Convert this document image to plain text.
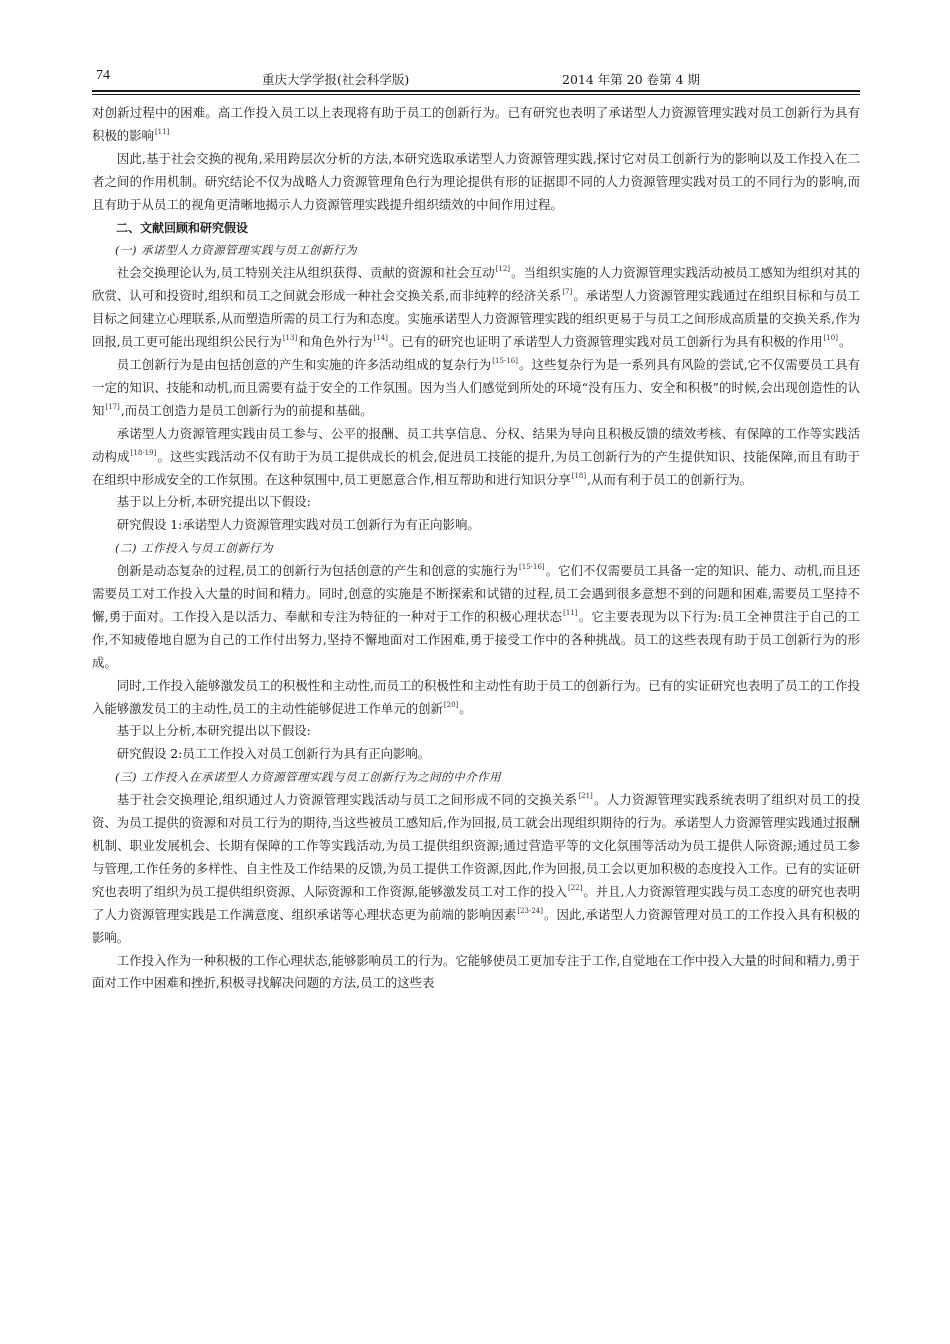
74	重庆大学学报(社会科学版)	2014 年第 20 卷第 4 期

对创新过程中的困难。高工作投入员工以上表现将有助于员工的创新行为。已有研究也表明了承诺型人力资源管理实践对员工创新行为具有积极的影响[11]

因此,基于社会交换的视角,采用跨层次分析的方法,本研究选取承诺型人力资源管理实践,探讨它对员工创新行为的影响以及工作投入在二者之间的作用机制。研究结论不仅为战略人力资源管理角色行为理论提供有形的证据即不同的人力资源管理实践对员工的不同行为的影响,而且有助于从员工的视角更清晰地揭示人力资源管理实践提升组织绩效的中间作用过程。

二、文献回顾和研究假设

(一) 承诺型人力资源管理实践与员工创新行为

社会交换理论认为,员工特别关注从组织获得、贡献的资源和社会互动[12]。当组织实施的人力资源管理实践活动被员工感知为组织对其的欣赏、认可和投资时,组织和员工之间就会形成一种社会交换关系,而非纯粹的经济关系[7]。承诺型人力资源管理实践通过在组织目标和与员工目标之间建立心理联系,从而塑造所需的员工行为和态度。实施承诺型人力资源管理实践的组织更易于与员工之间形成高质量的交换关系,作为回报,员工更可能出现组织公民行为[13]和角色外行为[14]。已有的研究也证明了承诺型人力资源管理实践对员工创新行为具有积极的作用[10]。

员工创新行为是由包括创意的产生和实施的许多活动组成的复杂行为[15-16]。这些复杂行为是一系列具有风险的尝试,它不仅需要员工具有一定的知识、技能和动机,而且需要有益于安全的工作氛围。因为当人们感觉到所处的环境“没有压力、安全和积极”的时候,会出现创造性的认知[17],而员工创造力是员工创新行为的前提和基础。

承诺型人力资源管理实践由员工参与、公平的报酬、员工共享信息、分权、结果为导向且积极反馈的绩效考核、有保障的工作等实践活动构成[18-19]。这些实践活动不仅有助于为员工提供成长的机会,促进员工技能的提升,为员工创新行为的产生提供知识、技能保障,而且有助于在组织中形成安全的工作氛围。在这种氛围中,员工更愿意合作,相互帮助和进行知识分享[18],从而有利于员工的创新行为。

基于以上分析,本研究提出以下假设:

研究假设 1:承诺型人力资源管理实践对员工创新行为有正向影响。

(二) 工作投入与员工创新行为

创新是动态复杂的过程,员工的创新行为包括创意的产生和创意的实施行为[15-16]。它们不仅需要员工具备一定的知识、能力、动机,而且还需要员工对工作投入大量的时间和精力。同时,创意的实施是不断探索和试错的过程,员工会遇到很多意想不到的问题和困难,需要员工坚持不懈,勇于面对。工作投入是以活力、奉献和专注为特征的一种对于工作的积极心理状态[11]。它主要表现为以下行为:员工全神贯注于自己的工作,不知疲倦地自愿为自己的工作付出努力,坚持不懈地面对工作困难,勇于接受工作中的各种挑战。员工的这些表现有助于员工创新行为的形成。

同时,工作投入能够激发员工的积极性和主动性,而员工的积极性和主动性有助于员工的创新行为。已有的实证研究也表明了员工的工作投入能够激发员工的主动性,员工的主动性能够促进工作单元的创新[20]。

基于以上分析,本研究提出以下假设:

研究假设 2:员工工作投入对员工创新行为具有正向影响。

(三) 工作投入在承诺型人力资源管理实践与员工创新行为之间的中介作用

基于社会交换理论,组织通过人力资源管理实践活动与员工之间形成不同的交换关系[21]。人力资源管理实践系统表明了组织对员工的投资、为员工提供的资源和对员工行为的期待,当这些被员工感知后,作为回报,员工就会出现组织期待的行为。承诺型人力资源管理实践通过报酬机制、职业发展机会、长期有保障的工作等实践活动,为员工提供组织资源;通过营造平等的文化氛围等活动为员工提供人际资源;通过员工参与管理,工作任务的多样性、自主性及工作结果的反馈,为员工提供工作资源,因此,作为回报,员工会以更加积极的态度投入工作。已有的实证研究也表明了组织为员工提供组织资源、人际资源和工作资源,能够激发员工对工作的投入[22]。并且,人力资源管理实践与员工态度的研究也表明了人力资源管理实践是工作满意度、组织承诺等心理状态更为前端的影响因素[23-24]。因此,承诺型人力资源管理对员工的工作投入具有积极的影响。

工作投入作为一种积极的工作心理状态,能够影响员工的行为。它能够使员工更加专注于工作,自觉地在工作中投入大量的时间和精力,勇于面对工作中困难和挫折,积极寻找解决问题的方法,员工的这些表
